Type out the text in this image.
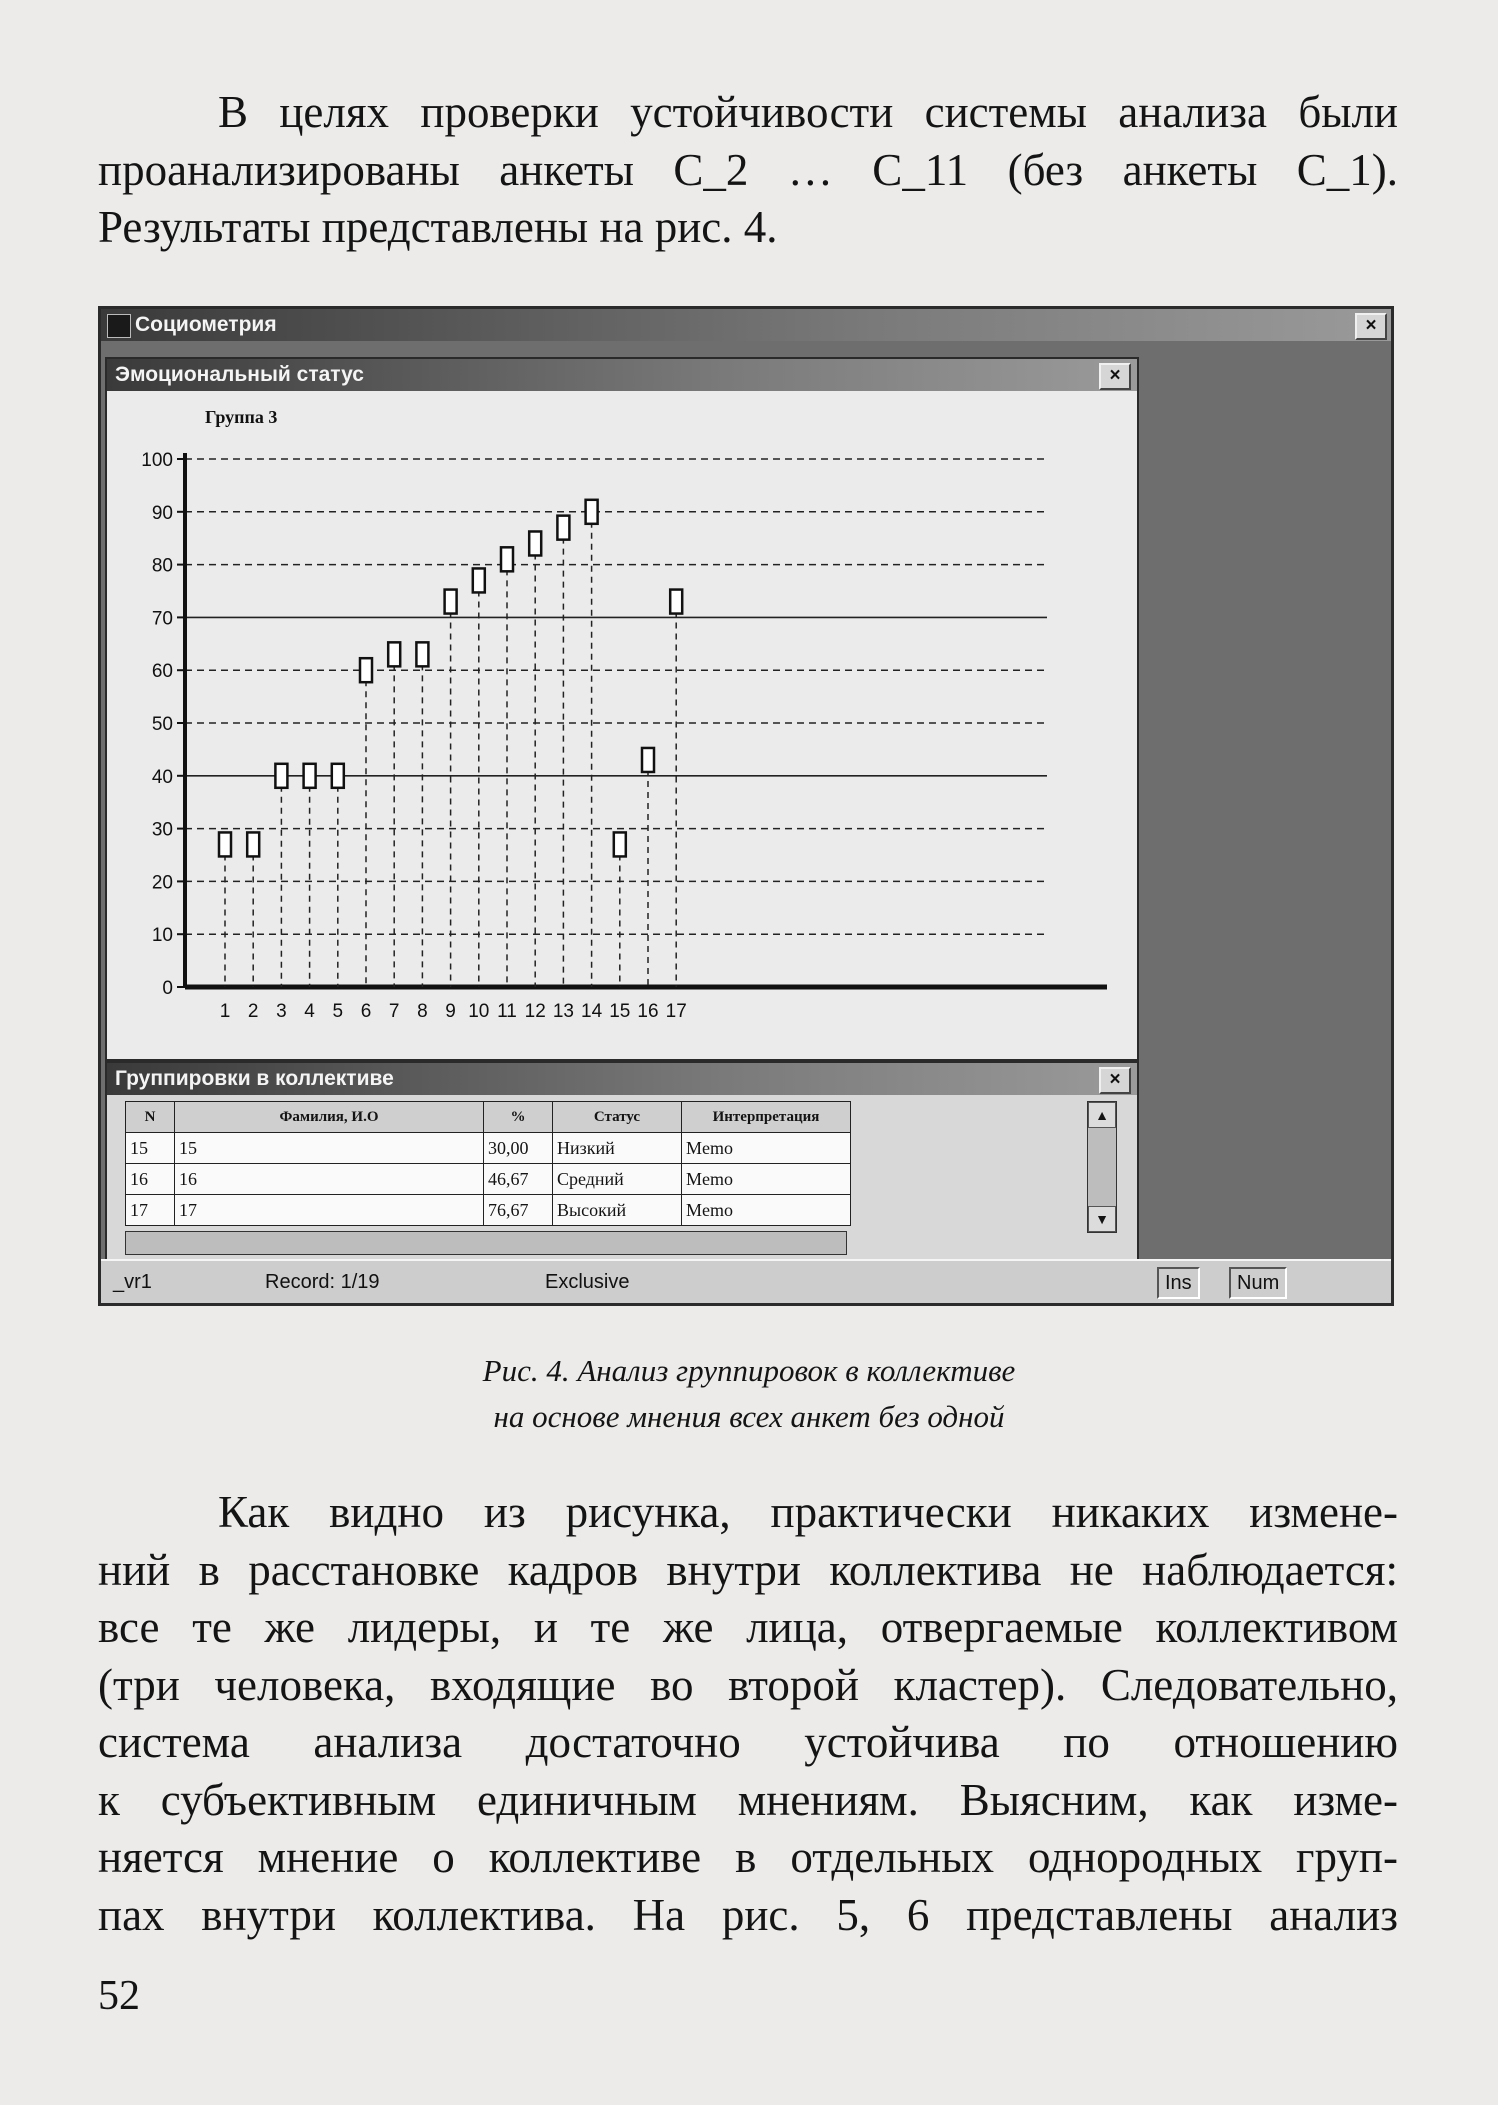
В целях проверки устойчивости системы анализа были
проанализированы анкеты С_2 … С_11 (без анкеты С_1).
Результаты представлены на рис. 4.
Социометрия	×
Эмоциональный статус	×
Группа 3
0
10
20
30
40
50
60
70
80
90
100
1 2 3 4 5 6 7 8 9 10 11 12 13 14 15 16 17
Группировки в коллективе	×
N	Фамилия, И.О	%	Статус	Интерпретация
15	15	30,00	Низкий	Memo
16	16	46,67	Средний	Memo
17	17	76,67	Высокий	Memo
▲
▼
_vr1	Record: 1/19	Exclusive	Ins	Num
Рис. 4. Анализ группировок в коллективе
на основе мнения всех анкет без одной
Как видно из рисунка, практически никаких измене-
ний в расстановке кадров внутри коллектива не наблюдается:
все те же лидеры, и те же лица, отвергаемые коллективом
(три человека, входящие во второй кластер). Следовательно,
система анализа достаточно устойчива по отношению
к субъективным единичным мнениям. Выясним, как изме-
няется мнение о коллективе в отдельных однородных груп-
пах внутри коллектива. На рис. 5, 6 представлены анализ
52
